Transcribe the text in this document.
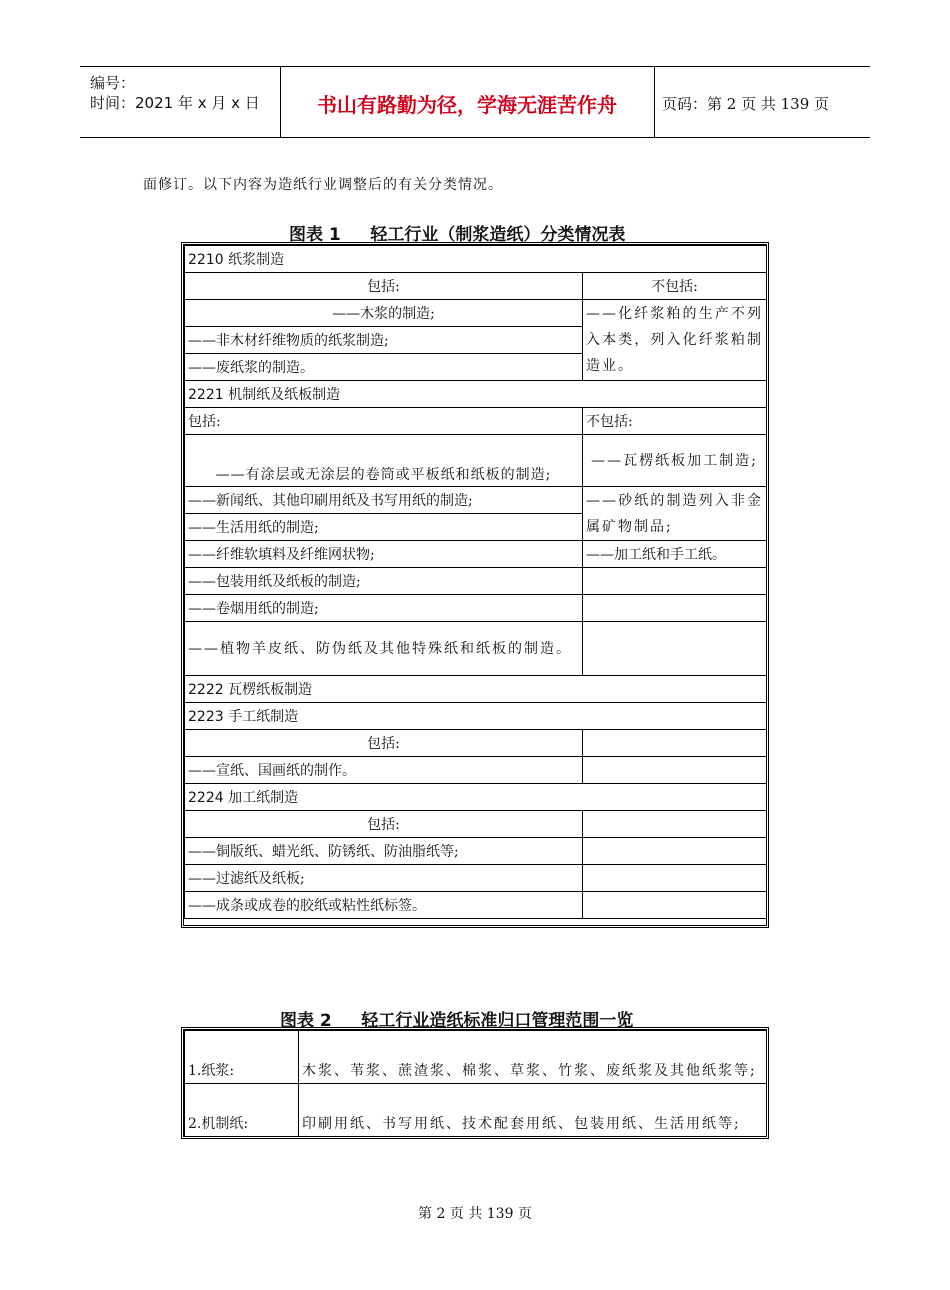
编号：
时间：2021 年 x 月 x 日	书山有路勤为径，学海无涯苦作舟	页码：第 2 页 共 139 页
面修订。以下内容为造纸行业调整后的有关分类情况。
图表 1     轻工行业（制浆造纸）分类情况表
2210 纸浆制造	
包括:	不包括:
——木浆的制造;	——化纤浆粕的生产不列入本类，列入化纤浆粕制造业。
——非木材纤维物质的纸浆制造;	
——废纸浆的制造。	
2221 机制纸及纸板制造	
包括:	不包括:
——有涂层或无涂层的卷筒或平板纸和纸板的制造;	——瓦楞纸板加工制造;
——新闻纸、其他印刷用纸及书写用纸的制造;	——砂纸的制造列入非金属矿物制品;
——生活用纸的制造;	
——纤维软填料及纤维网状物;	——加工纸和手工纸。
——包装用纸及纸板的制造;	
——卷烟用纸的制造;	
——植物羊皮纸、防伪纸及其他特殊纸和纸板的制造。	
2222 瓦楞纸板制造	
2223 手工纸制造	
包括:	
——宣纸、国画纸的制作。	
2224 加工纸制造	
包括:	
——铜版纸、蜡光纸、防锈纸、防油脂纸等;	
——过滤纸及纸板;	
——成条或成卷的胶纸或粘性纸标签。	
图表 2     轻工行业造纸标准归口管理范围一览
1.纸浆:	木浆、苇浆、蔗渣浆、棉浆、草浆、竹浆、废纸浆及其他纸浆等;
2.机制纸:	印刷用纸、书写用纸、技术配套用纸、包装用纸、生活用纸等;
第 2 页 共 139 页
